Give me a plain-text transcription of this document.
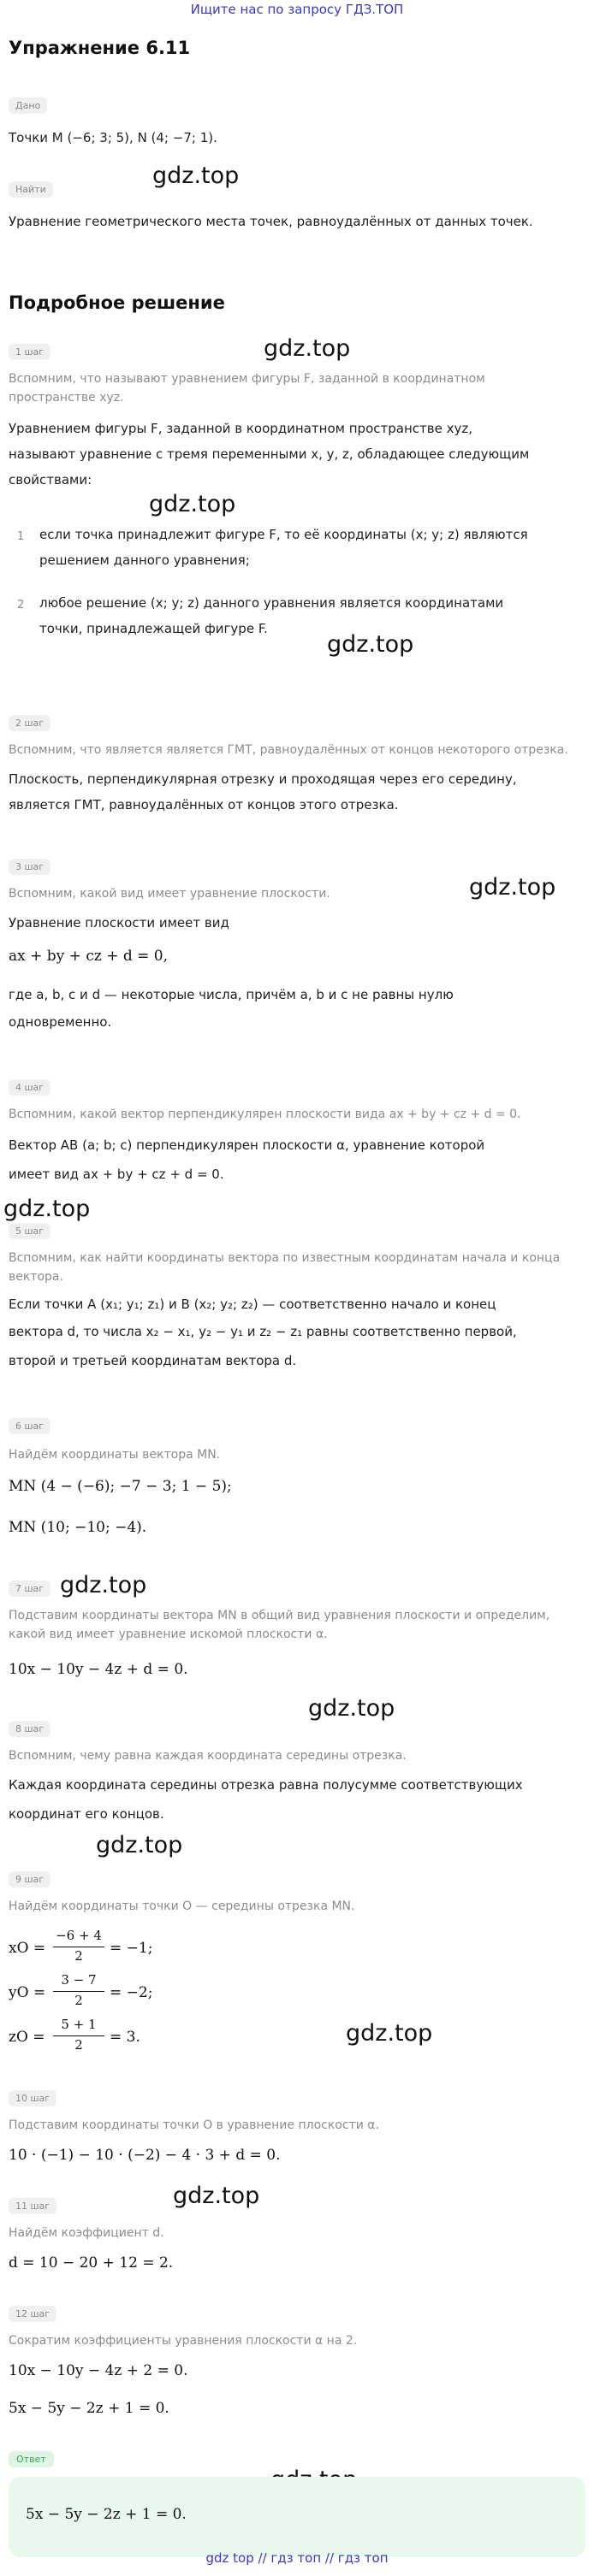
Ищите нас по запросу ГДЗ.ТОП
Упражнение 6.11
Дано
Точки M (−6; 3; 5), N (4; −7; 1).
Найти
Уравнение геометрического места точек, равноудалённых от данных точек.
Подробное решение
gdz.top
gdz.top
gdz.top
gdz.top
gdz.top
gdz.top
gdz.top
gdz.top
gdz.top
gdz.top
gdz.top
1 шаг
Вспомним, что называют уравнением фигуры F, заданной в координатном
пространстве xyz.
Уравнением фигуры F, заданной в координатном пространстве xyz,
называют уравнение с тремя переменными x, y, z, обладающее следующим
свойствами:
1 если точка принадлежит фигуре F, то её координаты (x; y; z) являются
решением данного уравнения;
2 любое решение (x; y; z) данного уравнения является координатами
точки, принадлежащей фигуре F.
2 шаг
Вспомним, что является является ГМТ, равноудалённых от концов некоторого отрезка.
Плоскость, перпендикулярная отрезку и проходящая через его середину,
является ГМТ, равноудалённых от концов этого отрезка.
3 шаг
Вспомним, какой вид имеет уравнение плоскости.
Уравнение плоскости имеет вид
ax + by + cz + d = 0,
где a, b, c и d — некоторые числа, причём a, b и c не равны нулю
одновременно.
4 шаг
Вспомним, какой вектор перпендикулярен плоскости вида ax + by + cz + d = 0.
Вектор AB (a; b; c) перпендикулярен плоскости α, уравнение которой
имеет вид ax + by + cz + d = 0.
5 шаг
Вспомним, как найти координаты вектора по известным координатам начала и конца
вектора.
Если точки A (x₁; y₁; z₁) и B (x₂; y₂; z₂) — соответственно начало и конец
вектора d, то числа x₂ − x₁, y₂ − y₁ и z₂ − z₁ равны соответственно первой,
второй и третьей координатам вектора d.
6 шаг
Найдём координаты вектора MN.
MN (4 − (−6); −7 − 3; 1 − 5);
MN (10; −10; −4).
7 шаг
Подставим координаты вектора MN в общий вид уравнения плоскости и определим,
какой вид имеет уравнение искомой плоскости α.
10x − 10y − 4z + d = 0.
8 шаг
Вспомним, чему равна каждая координата середины отрезка.
Каждая координата середины отрезка равна полусумме соответствующих
координат его концов.
9 шаг
Найдём координаты точки O — середины отрезка MN.
xO =
−6 + 4
2	= −1;
yO =
3 − 7
2	= −2;
zO =
5 + 1
2	= 3.
10 шаг
Подставим координаты точки O в уравнение плоскости α.
10 · (−1) − 10 · (−2) − 4 · 3 + d = 0.
11 шаг
Найдём коэффициент d.
d = 10 − 20 + 12 = 2.
12 шаг
Сократим коэффициенты уравнения плоскости α на 2.
10x − 10y − 4z + 2 = 0.
5x − 5y − 2z + 1 = 0.
Ответ
5x − 5y − 2z + 1 = 0.
gdz top // гдз топ // гдз топ
